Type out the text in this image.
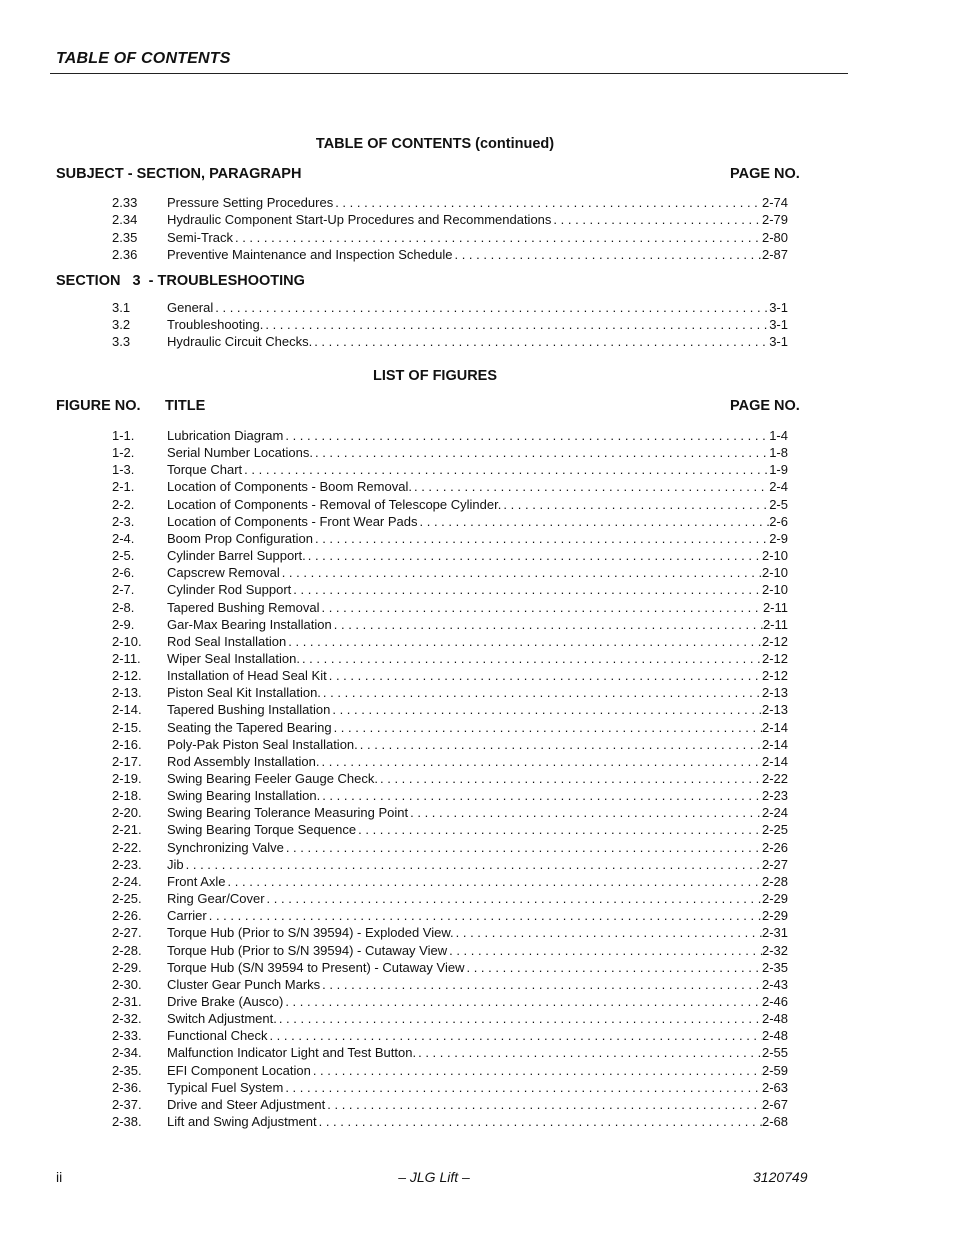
TABLE OF CONTENTS
TABLE OF CONTENTS (continued)
SUBJECT - SECTION, PARAGRAPH	PAGE NO.
SECTION   3  - TROUBLESHOOTING
LIST OF FIGURES
FIGURE NO. TITLE	PAGE NO.
2.33	Pressure Setting Procedures . . .	2-74
2.34	Hydraulic Component Start-Up Procedures and Recommendations . . .	2-79
2.35	Semi-Track . . .	2-80
2.36	Preventive Maintenance and Inspection Schedule . . .	2-87
3.1	General . . .	3-1
3.2	Troubleshooting. . . .	3-1
3.3	Hydraulic Circuit Checks. . . .	3-1
1-1.	Lubrication Diagram . . .	1-4
1-2.	Serial Number Locations. . . .	1-8
1-3.	Torque Chart . . .	1-9
2-1.	Location of Components - Boom Removal. . . .	2-4
2-2.	Location of Components - Removal of Telescope Cylinder. . . .	2-5
2-3.	Location of Components - Front Wear Pads . . .	2-6
2-4.	Boom Prop Configuration . . .	2-9
2-5.	Cylinder Barrel Support. . . .	2-10
2-6.	Capscrew Removal . . .	2-10
2-7.	Cylinder Rod Support . . .	2-10
2-8.	Tapered Bushing Removal . . .	2-11
2-9.	Gar-Max Bearing Installation . . .	2-11
2-10.	Rod Seal Installation . . .	2-12
2-11.	Wiper Seal Installation. . . .	2-12
2-12.	Installation of Head Seal Kit . . .	2-12
2-13.	Piston Seal Kit Installation. . . .	2-13
2-14.	Tapered Bushing Installation . . .	2-13
2-15.	Seating the Tapered Bearing . . .	2-14
2-16.	Poly-Pak Piston Seal Installation. . . .	2-14
2-17.	Rod Assembly Installation. . . .	2-14
2-19.	Swing Bearing Feeler Gauge Check. . . .	2-22
2-18.	Swing Bearing Installation. . . .	2-23
2-20.	Swing Bearing Tolerance Measuring Point . . .	2-24
2-21.	Swing Bearing Torque Sequence . . .	2-25
2-22.	Synchronizing Valve . . .	2-26
2-23.	Jib . . .	2-27
2-24.	Front Axle . . .	2-28
2-25.	Ring Gear/Cover . . .	2-29
2-26.	Carrier . . .	2-29
2-27.	Torque Hub (Prior to S/N 39594) - Exploded View. . . .	2-31
2-28.	Torque Hub (Prior to S/N 39594) - Cutaway View . . .	2-32
2-29.	Torque Hub (S/N 39594 to Present) - Cutaway View . . .	2-35
2-30.	Cluster Gear Punch Marks . . .	2-43
2-31.	Drive Brake (Ausco) . . .	2-46
2-32.	Switch Adjustment. . . .	2-48
2-33.	Functional Check . . .	2-48
2-34.	Malfunction Indicator Light and Test Button. . . .	2-55
2-35.	EFI Component Location . . .	2-59
2-36.	Typical Fuel System . . .	2-63
2-37.	Drive and Steer Adjustment . . .	2-67
2-38.	Lift and Swing Adjustment . . .	2-68
ii	– JLG Lift –	3120749
